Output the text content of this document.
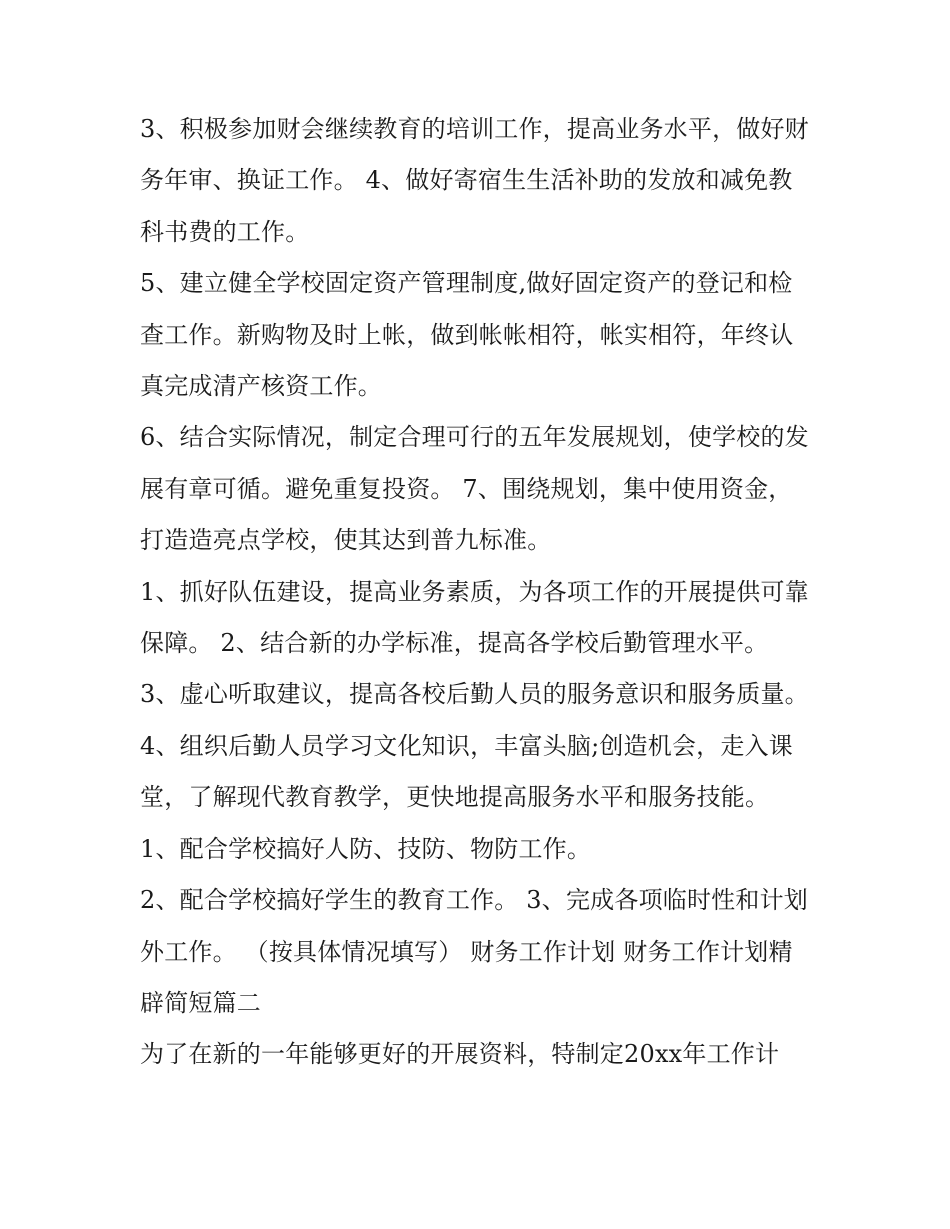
3、积极参加财会继续教育的培训工作，提高业务水平，做好财务年审、换证工作。 4、做好寄宿生生活补助的发放和减免教科书费的工作。

5、建立健全学校固定资产管理制度,做好固定资产的登记和检查工作。新购物及时上帐，做到帐帐相符，帐实相符，年终认真完成清产核资工作。

6、结合实际情况，制定合理可行的五年发展规划，使学校的发展有章可循。避免重复投资。 7、围绕规划，集中使用资金，打造造亮点学校，使其达到普九标准。

1、抓好队伍建设，提高业务素质，为各项工作的开展提供可靠保障。 2、结合新的办学标准，提高各学校后勤管理水平。

3、虚心听取建议，提高各校后勤人员的服务意识和服务质量。

4、组织后勤人员学习文化知识，丰富头脑;创造机会，走入课堂，了解现代教育教学，更快地提高服务水平和服务技能。

1、配合学校搞好人防、技防、物防工作。

2、配合学校搞好学生的教育工作。 3、完成各项临时性和计划外工作。 （按具体情况填写） 财务工作计划 财务工作计划精辟简短篇二

为了在新的一年能够更好的开展资料，特制定20xx年工作计
